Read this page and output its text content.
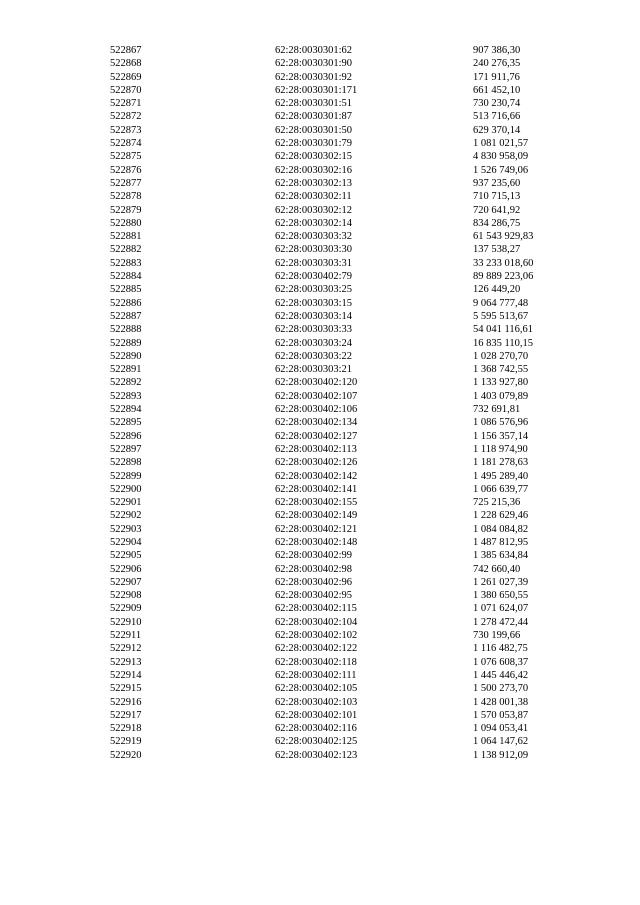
522867	62:28:0030301:62	907 386,30
522868	62:28:0030301:90	240 276,35
522869	62:28:0030301:92	171 911,76
522870	62:28:0030301:171	661 452,10
522871	62:28:0030301:51	730 230,74
522872	62:28:0030301:87	513 716,66
522873	62:28:0030301:50	629 370,14
522874	62:28:0030301:79	1 081 021,57
522875	62:28:0030302:15	4 830 958,09
522876	62:28:0030302:16	1 526 749,06
522877	62:28:0030302:13	937 235,60
522878	62:28:0030302:11	710 715,13
522879	62:28:0030302:12	720 641,92
522880	62:28:0030302:14	834 286,75
522881	62:28:0030303:32	61 543 929,83
522882	62:28:0030303:30	137 538,27
522883	62:28:0030303:31	33 233 018,60
522884	62:28:0030402:79	89 889 223,06
522885	62:28:0030303:25	126 449,20
522886	62:28:0030303:15	9 064 777,48
522887	62:28:0030303:14	5 595 513,67
522888	62:28:0030303:33	54 041 116,61
522889	62:28:0030303:24	16 835 110,15
522890	62:28:0030303:22	1 028 270,70
522891	62:28:0030303:21	1 368 742,55
522892	62:28:0030402:120	1 133 927,80
522893	62:28:0030402:107	1 403 079,89
522894	62:28:0030402:106	732 691,81
522895	62:28:0030402:134	1 086 576,96
522896	62:28:0030402:127	1 156 357,14
522897	62:28:0030402:113	1 118 974,90
522898	62:28:0030402:126	1 181 278,63
522899	62:28:0030402:142	1 495 289,40
522900	62:28:0030402:141	1 066 639,77
522901	62:28:0030402:155	725 215,36
522902	62:28:0030402:149	1 228 629,46
522903	62:28:0030402:121	1 084 084,82
522904	62:28:0030402:148	1 487 812,95
522905	62:28:0030402:99	1 385 634,84
522906	62:28:0030402:98	742 660,40
522907	62:28:0030402:96	1 261 027,39
522908	62:28:0030402:95	1 380 650,55
522909	62:28:0030402:115	1 071 624,07
522910	62:28:0030402:104	1 278 472,44
522911	62:28:0030402:102	730 199,66
522912	62:28:0030402:122	1 116 482,75
522913	62:28:0030402:118	1 076 608,37
522914	62:28:0030402:111	1 445 446,42
522915	62:28:0030402:105	1 500 273,70
522916	62:28:0030402:103	1 428 001,38
522917	62:28:0030402:101	1 570 053,87
522918	62:28:0030402:116	1 094 053,41
522919	62:28:0030402:125	1 064 147,62
522920	62:28:0030402:123	1 138 912,09
